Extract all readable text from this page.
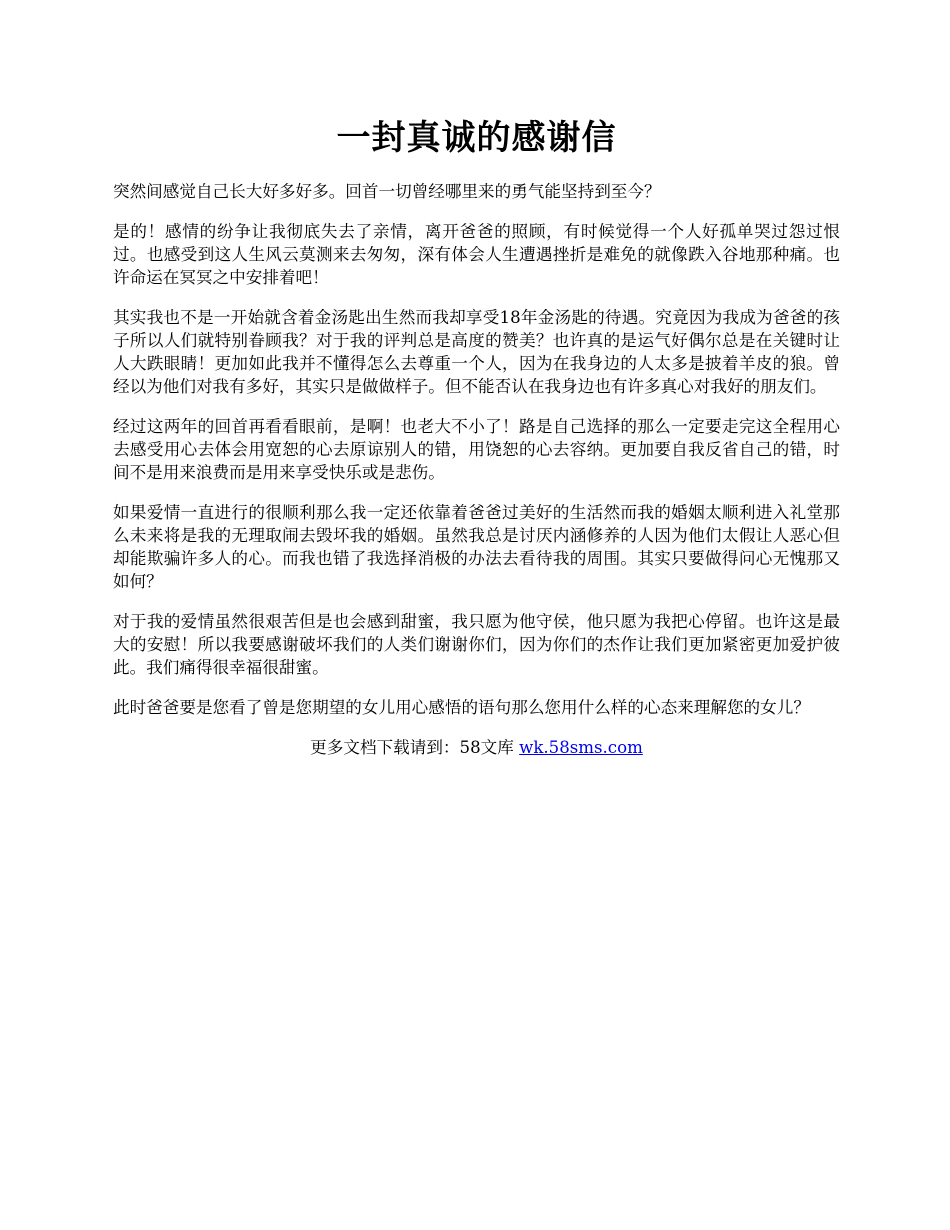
一封真诚的感谢信

突然间感觉自己长大好多好多。回首一切曾经哪里来的勇气能坚持到至今？

是的！感情的纷争让我彻底失去了亲情，离开爸爸的照顾，有时候觉得一个人好孤单哭过怨过恨过。也感受到这人生风云莫测来去匆匆，深有体会人生遭遇挫折是难免的就像跌入谷地那种痛。也许命运在冥冥之中安排着吧！

其实我也不是一开始就含着金汤匙出生然而我却享受18年金汤匙的待遇。究竟因为我成为爸爸的孩子所以人们就特别眷顾我？对于我的评判总是高度的赞美？也许真的是运气好偶尔总是在关键时让人大跌眼睛！更加如此我并不懂得怎么去尊重一个人，因为在我身边的人太多是披着羊皮的狼。曾经以为他们对我有多好，其实只是做做样子。但不能否认在我身边也有许多真心对我好的朋友们。

经过这两年的回首再看看眼前，是啊！也老大不小了！路是自己选择的那么一定要走完这全程用心去感受用心去体会用宽恕的心去原谅别人的错，用饶恕的心去容纳。更加要自我反省自己的错，时间不是用来浪费而是用来享受快乐或是悲伤。

如果爱情一直进行的很顺利那么我一定还依靠着爸爸过美好的生活然而我的婚姻太顺利进入礼堂那么未来将是我的无理取闹去毁坏我的婚姻。虽然我总是讨厌内涵修养的人因为他们太假让人恶心但却能欺骗许多人的心。而我也错了我选择消极的办法去看待我的周围。其实只要做得问心无愧那又如何？

对于我的爱情虽然很艰苦但是也会感到甜蜜，我只愿为他守侯，他只愿为我把心停留。也许这是最大的安慰！所以我要感谢破坏我们的人类们谢谢你们，因为你们的杰作让我们更加紧密更加爱护彼此。我们痛得很幸福很甜蜜。

此时爸爸要是您看了曾是您期望的女儿用心感悟的语句那么您用什么样的心态来理解您的女儿？

更多文档下载请到：58文库 wk.58sms.com
